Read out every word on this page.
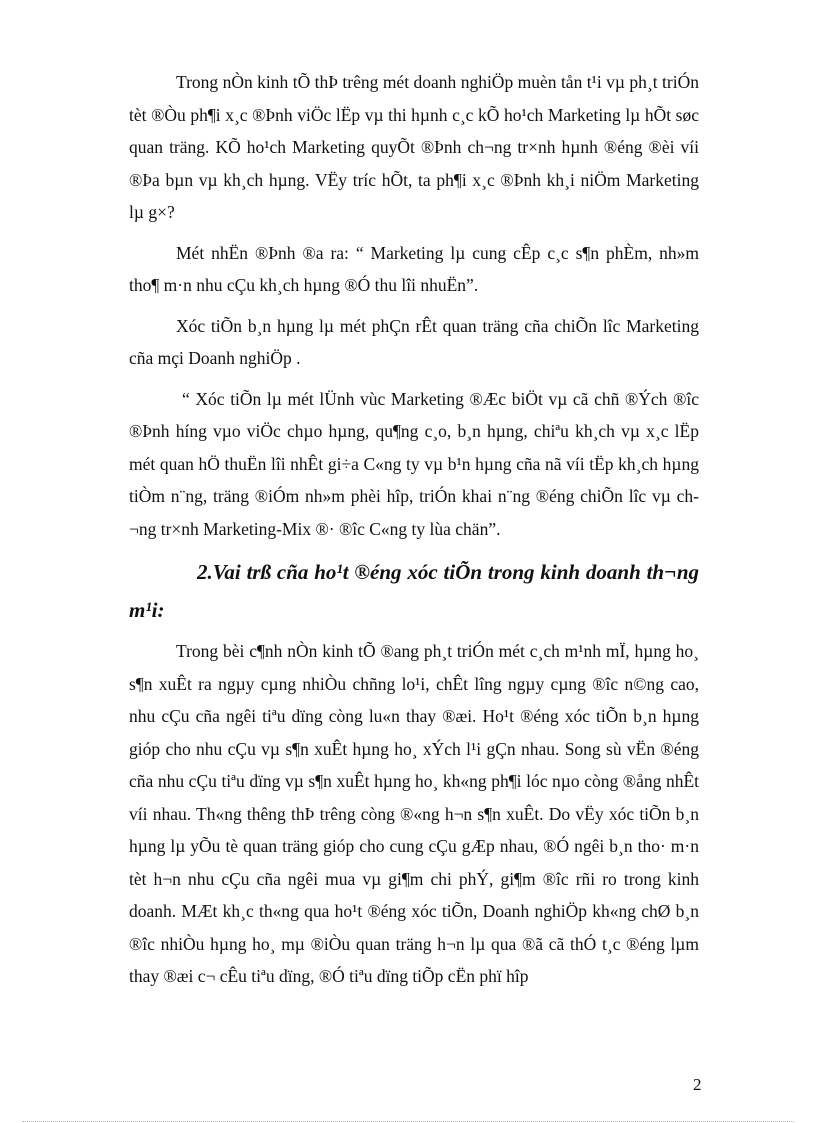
Trong nÒn kinh tÕ thÞ trêng mét doanh nghiÖp muèn tån t¹i vµ ph¸t triÓn tèt ®Òu ph¶i x¸c ®Þnh viÖc lËp vµ thi hµnh c¸c kÕ ho¹ch Marketing lµ hÕt søc quan träng. KÕ ho¹ch Marketing quyÕt ®Þnh ch¬ng tr×nh hµnh ®éng ®èi víi ®Þa bµn vµ kh¸ch hµng. VËy tríc hÕt, ta ph¶i x¸c ®Þnh kh¸i niÖm Marketing lµ g×?

Mét nhËn ®Þnh ®a ra: “ Marketing lµ cung cÊp c¸c s¶n phÈm, nh»m tho¶ m·n nhu cÇu kh¸ch hµng ®Ó thu lîi nhuËn”.

Xóc tiÕn b¸n hµng lµ mét phÇn rÊt quan träng cña chiÕn lîc Marketing cña mçi Doanh nghiÖp .

“ Xóc tiÕn lµ mét lÜnh vùc Marketing ®Æc biÖt vµ cã chñ ®Ých ®îc ®Þnh híng vµo viÖc chµo hµng, qu¶ng c¸o, b¸n hµng, chiªu kh¸ch vµ x¸c lËp mét quan hÖ thuËn lîi nhÊt gi÷a C«ng ty vµ b¹n hµng cña nã víi tËp kh¸ch hµng tiÒm n¨ng, träng ®iÓm nh»m phèi hîp, triÓn khai n¨ng ®éng chiÕn lîc vµ ch¬ng tr×nh Marketing-Mix ®· ®îc C«ng ty lùa chän”.

2.Vai trß cña ho¹t ®éng xóc tiÕn trong kinh doanh th¬ng m¹i:

Trong bèi c¶nh nÒn kinh tÕ ®ang ph¸t triÓn mét c¸ch m¹nh mÏ, hµng ho¸ s¶n xuÊt ra ngµy cµng nhiÒu chñng lo¹i, chÊt lîng ngµy cµng ®îc n©ng cao, nhu cÇu cña ngêi tiªu dïng còng lu«n thay ®æi. Ho¹t ®éng xóc tiÕn b¸n hµng gióp cho nhu cÇu vµ s¶n xuÊt hµng ho¸ xÝch l¹i gÇn nhau. Song sù vËn ®éng cña nhu cÇu tiªu dïng vµ s¶n xuÊt hµng ho¸ kh«ng ph¶i lóc nµo còng ®ång nhÊt víi nhau. Th«ng thêng thÞ trêng còng ®«ng h¬n s¶n xuÊt. Do vËy xóc tiÕn b¸n hµng lµ yÕu tè quan träng gióp cho cung cÇu gÆp nhau, ®Ó ngêi b¸n tho· m·n tèt h¬n nhu cÇu cña ngêi mua vµ gi¶m chi phÝ, gi¶m ®îc rñi ro trong kinh doanh. MÆt kh¸c th«ng qua ho¹t ®éng xóc tiÕn, Doanh nghiÖp kh«ng chØ b¸n ®îc nhiÒu hµng ho¸ mµ ®iÒu quan träng h¬n lµ qua ®ã cã thÓ t¸c ®éng lµm thay ®æi c¬ cÊu tiªu dïng, ®Ó tiªu dïng tiÕp cËn phï hîp

2
